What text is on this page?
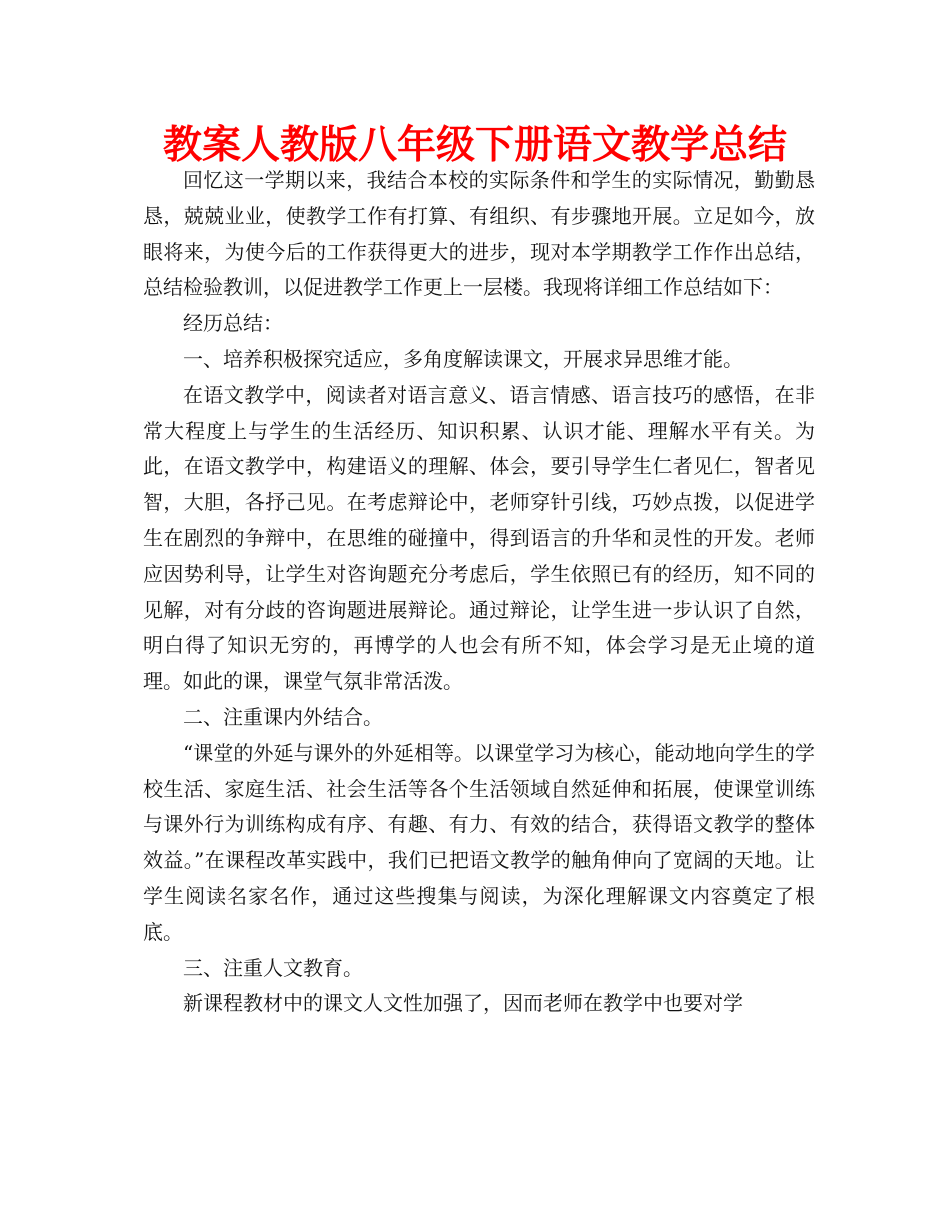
教案人教版八年级下册语文教学总结

回忆这一学期以来，我结合本校的实际条件和学生的实际情况，勤勤恳恳，兢兢业业，使教学工作有打算、有组织、有步骤地开展。立足如今，放眼将来，为使今后的工作获得更大的进步，现对本学期教学工作作出总结，总结检验教训，以促进教学工作更上一层楼。我现将详细工作总结如下：

经历总结：

一、培养积极探究适应，多角度解读课文，开展求异思维才能。

在语文教学中，阅读者对语言意义、语言情感、语言技巧的感悟，在非常大程度上与学生的生活经历、知识积累、认识才能、理解水平有关。为此，在语文教学中，构建语义的理解、体会，要引导学生仁者见仁，智者见智，大胆，各抒己见。在考虑辩论中，老师穿针引线，巧妙点拨，以促进学生在剧烈的争辩中，在思维的碰撞中，得到语言的升华和灵性的开发。老师应因势利导，让学生对咨询题充分考虑后，学生依照已有的经历，知不同的见解，对有分歧的咨询题进展辩论。通过辩论，让学生进一步认识了自然，明白得了知识无穷的，再博学的人也会有所不知，体会学习是无止境的道理。如此的课，课堂气氛非常活泼。

二、注重课内外结合。

“课堂的外延与课外的外延相等。以课堂学习为核心，能动地向学生的学校生活、家庭生活、社会生活等各个生活领域自然延伸和拓展，使课堂训练与课外行为训练构成有序、有趣、有力、有效的结合，获得语文教学的整体效益。”在课程改革实践中，我们已把语文教学的触角伸向了宽阔的天地。让学生阅读名家名作，通过这些搜集与阅读，为深化理解课文内容奠定了根底。

三、注重人文教育。

新课程教材中的课文人文性加强了，因而老师在教学中也要对学
